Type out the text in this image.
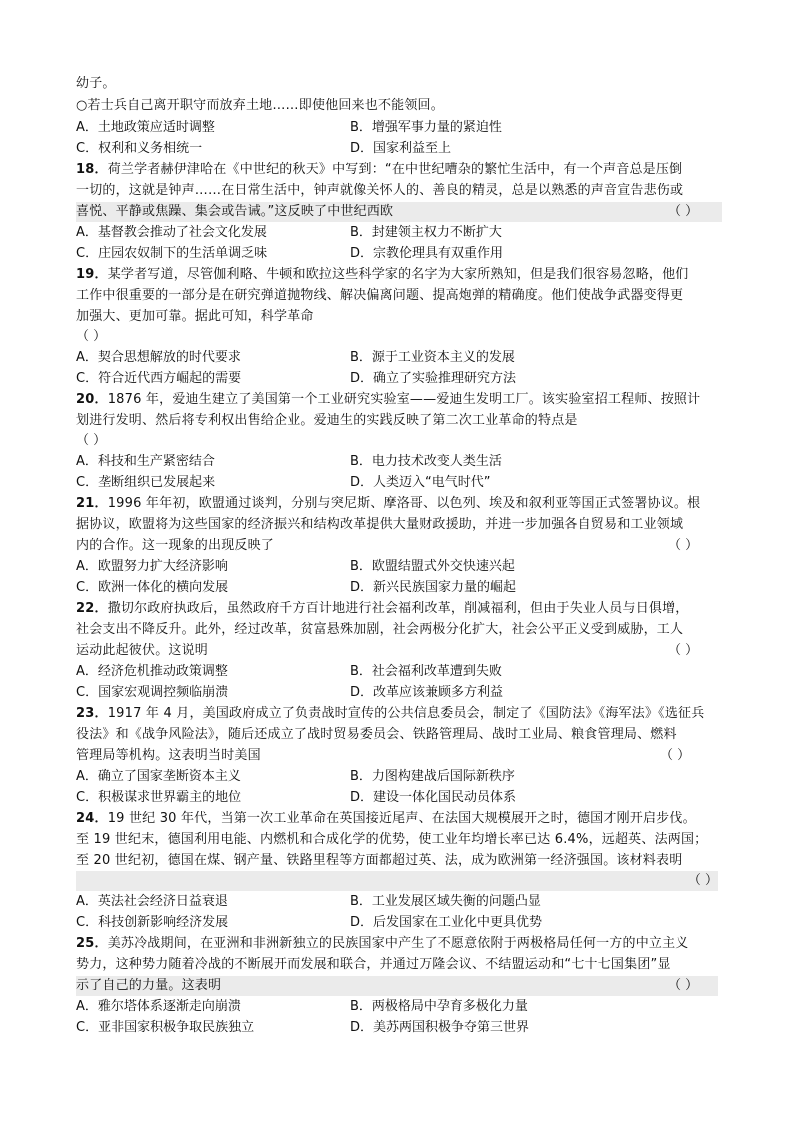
幼子。
○若士兵自己离开职守而放弃土地……即使他回来也不能领回。
A．土地政策应适时调整	B．增强军事力量的紧迫性
C．权利和义务相统一	D．国家利益至上
18．荷兰学者赫伊津哈在《中世纪的秋天》中写到：“在中世纪嘈杂的繁忙生活中，有一个声音总是压倒
一切的，这就是钟声……在日常生活中，钟声就像关怀人的、善良的精灵，总是以熟悉的声音宣告悲伤或
喜悦、平静或焦躁、集会或告诫。”这反映了中世纪西欧	（ ）
A．基督教会推动了社会文化发展	B．封建领主权力不断扩大
C．庄园农奴制下的生活单调乏味	D．宗教伦理具有双重作用
19．某学者写道，尽管伽利略、牛顿和欧拉这些科学家的名字为大家所熟知，但是我们很容易忽略，他们
工作中很重要的一部分是在研究弹道抛物线、解决偏离问题、提高炮弹的精确度。他们使战争武器变得更
加强大、更加可靠。据此可知，科学革命
（ ）
A．契合思想解放的时代要求	B．源于工业资本主义的发展
C．符合近代西方崛起的需要	D．确立了实验推理研究方法
20．1876 年，爱迪生建立了美国第一个工业研究实验室——爱迪生发明工厂。该实验室招工程师、按照计
划进行发明、然后将专利权出售给企业。爱迪生的实践反映了第二次工业革命的特点是
（ ）
A．科技和生产紧密结合	B．电力技术改变人类生活
C．垄断组织已发展起来	D．人类迈入“电气时代”
21．1996 年年初，欧盟通过谈判，分别与突尼斯、摩洛哥、以色列、埃及和叙利亚等国正式签署协议。根
据协议，欧盟将为这些国家的经济振兴和结构改革提供大量财政援助，并进一步加强各自贸易和工业领域
内的合作。这一现象的出现反映了	（ ）
A．欧盟努力扩大经济影响	B．欧盟结盟式外交快速兴起
C．欧洲一体化的横向发展	D．新兴民族国家力量的崛起
22．撒切尔政府执政后，虽然政府千方百计地进行社会福利改革，削减福利，但由于失业人员与日俱增，
社会支出不降反升。此外，经过改革，贫富悬殊加剧，社会两极分化扩大，社会公平正义受到威胁，工人
运动此起彼伏。这说明	（ ）
A．经济危机推动政策调整	B．社会福利改革遭到失败
C．国家宏观调控频临崩溃	D．改革应该兼顾多方利益
23．1917 年 4 月，美国政府成立了负责战时宣传的公共信息委员会，制定了《国防法》《海军法》《选征兵
役法》和《战争风险法》，随后还成立了战时贸易委员会、铁路管理局、战时工业局、粮食管理局、燃料
管理局等机构。这表明当时美国	（ ）
A．确立了国家垄断资本主义	B．力图构建战后国际新秩序
C．积极谋求世界霸主的地位	D．建设一体化国民动员体系
24．19 世纪 30 年代，当第一次工业革命在英国接近尾声、在法国大规模展开之时，德国才刚开启步伐。
至 19 世纪末，德国利用电能、内燃机和合成化学的优势，使工业年均增长率已达 6.4%，远超英、法两国；
至 20 世纪初，德国在煤、钢产量、铁路里程等方面都超过英、法，成为欧洲第一经济强国。该材料表明
（ ）
A．英法社会经济日益衰退	B．工业发展区域失衡的问题凸显
C．科技创新影响经济发展	D．后发国家在工业化中更具优势
25．美苏冷战期间，在亚洲和非洲新独立的民族国家中产生了不愿意依附于两极格局任何一方的中立主义
势力，这种势力随着冷战的不断展开而发展和联合，并通过万隆会议、不结盟运动和“七十七国集团”显
示了自己的力量。这表明	（ ）
A．雅尔塔体系逐渐走向崩溃	B．两极格局中孕育多极化力量
C．亚非国家积极争取民族独立	D．美苏两国积极争夺第三世界
